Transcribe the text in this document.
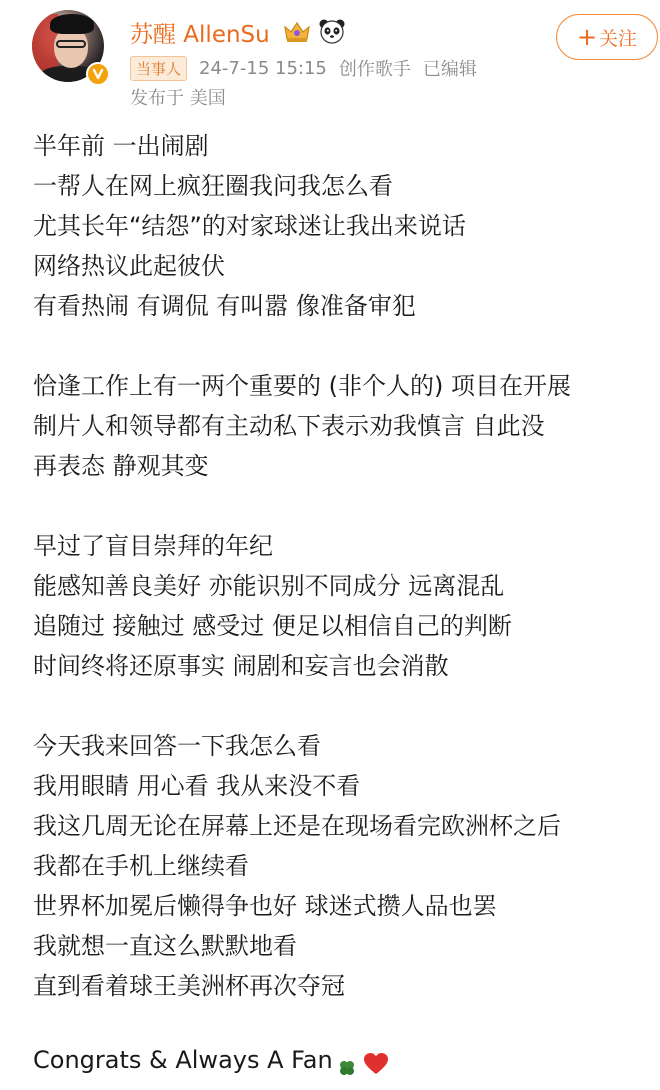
苏醒 AllenSu	+ 关注
当事人	24-7-15 15:15 创作歌手 已编辑
发布于 美国
半年前 一出闹剧
一帮人在网上疯狂圈我问我怎么看
尤其长年“结怨”的对家球迷让我出来说话
网络热议此起彼伏
有看热闹 有调侃 有叫嚣 像准备审犯
恰逢工作上有一两个重要的 (非个人的) 项目在开展
制片人和领导都有主动私下表示劝我慎言 自此没
再表态 静观其变
早过了盲目崇拜的年纪
能感知善良美好 亦能识别不同成分 远离混乱
追随过 接触过 感受过 便足以相信自己的判断
时间终将还原事实 闹剧和妄言也会消散
今天我来回答一下我怎么看
我用眼睛 用心看 我从来没不看
我这几周无论在屏幕上还是在现场看完欧洲杯之后
我都在手机上继续看
世界杯加冕后懒得争也好 球迷式攒人品也罢
我就想一直这么默默地看
直到看着球王美洲杯再次夺冠
Congrats & Always A Fan
